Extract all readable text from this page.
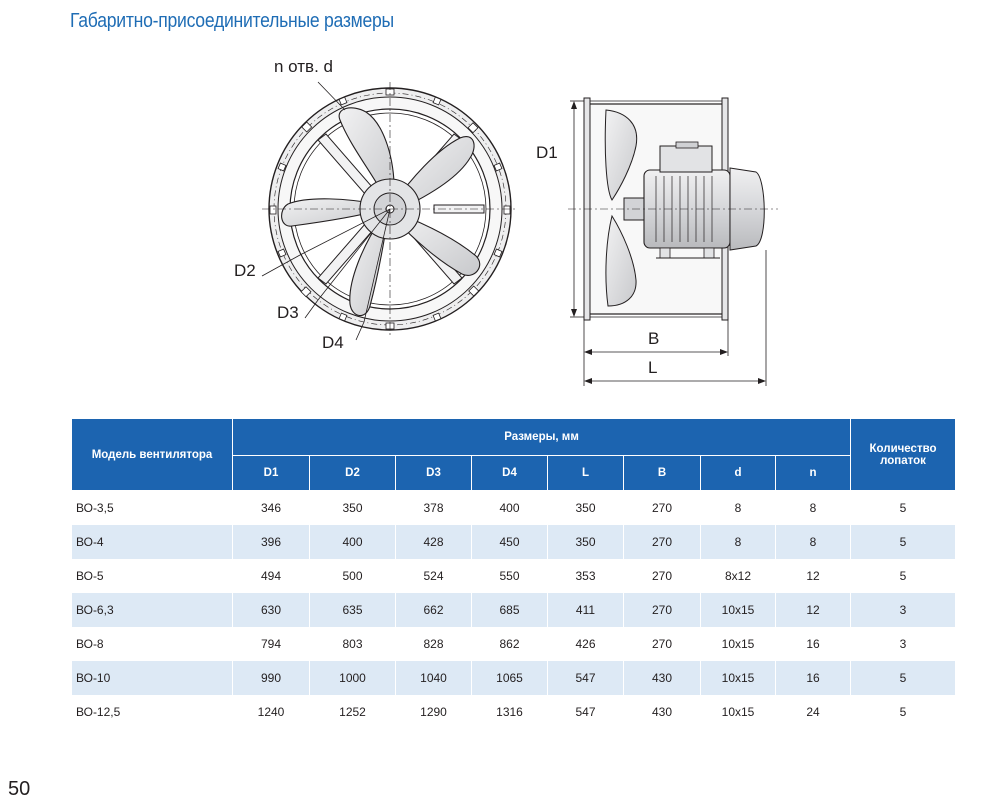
Габаритно-присоединительные размеры
n отв. d
D1
D2
D3
D4	B
L
Модель вентилятора	Размеры, мм								Количество лопаток
	D1	D2	D3	D4	L	B	d	n	
ВО-3,5	346	350	378	400	350	270	8	8	5
ВО-4	396	400	428	450	350	270	8	8	5
ВО-5	494	500	524	550	353	270	8x12	12	5
ВО-6,3	630	635	662	685	411	270	10x15	12	3
ВО-8	794	803	828	862	426	270	10x15	16	3
ВО-10	990	1000	1040	1065	547	430	10x15	16	5
ВО-12,5	1240	1252	1290	1316	547	430	10x15	24	5
50
